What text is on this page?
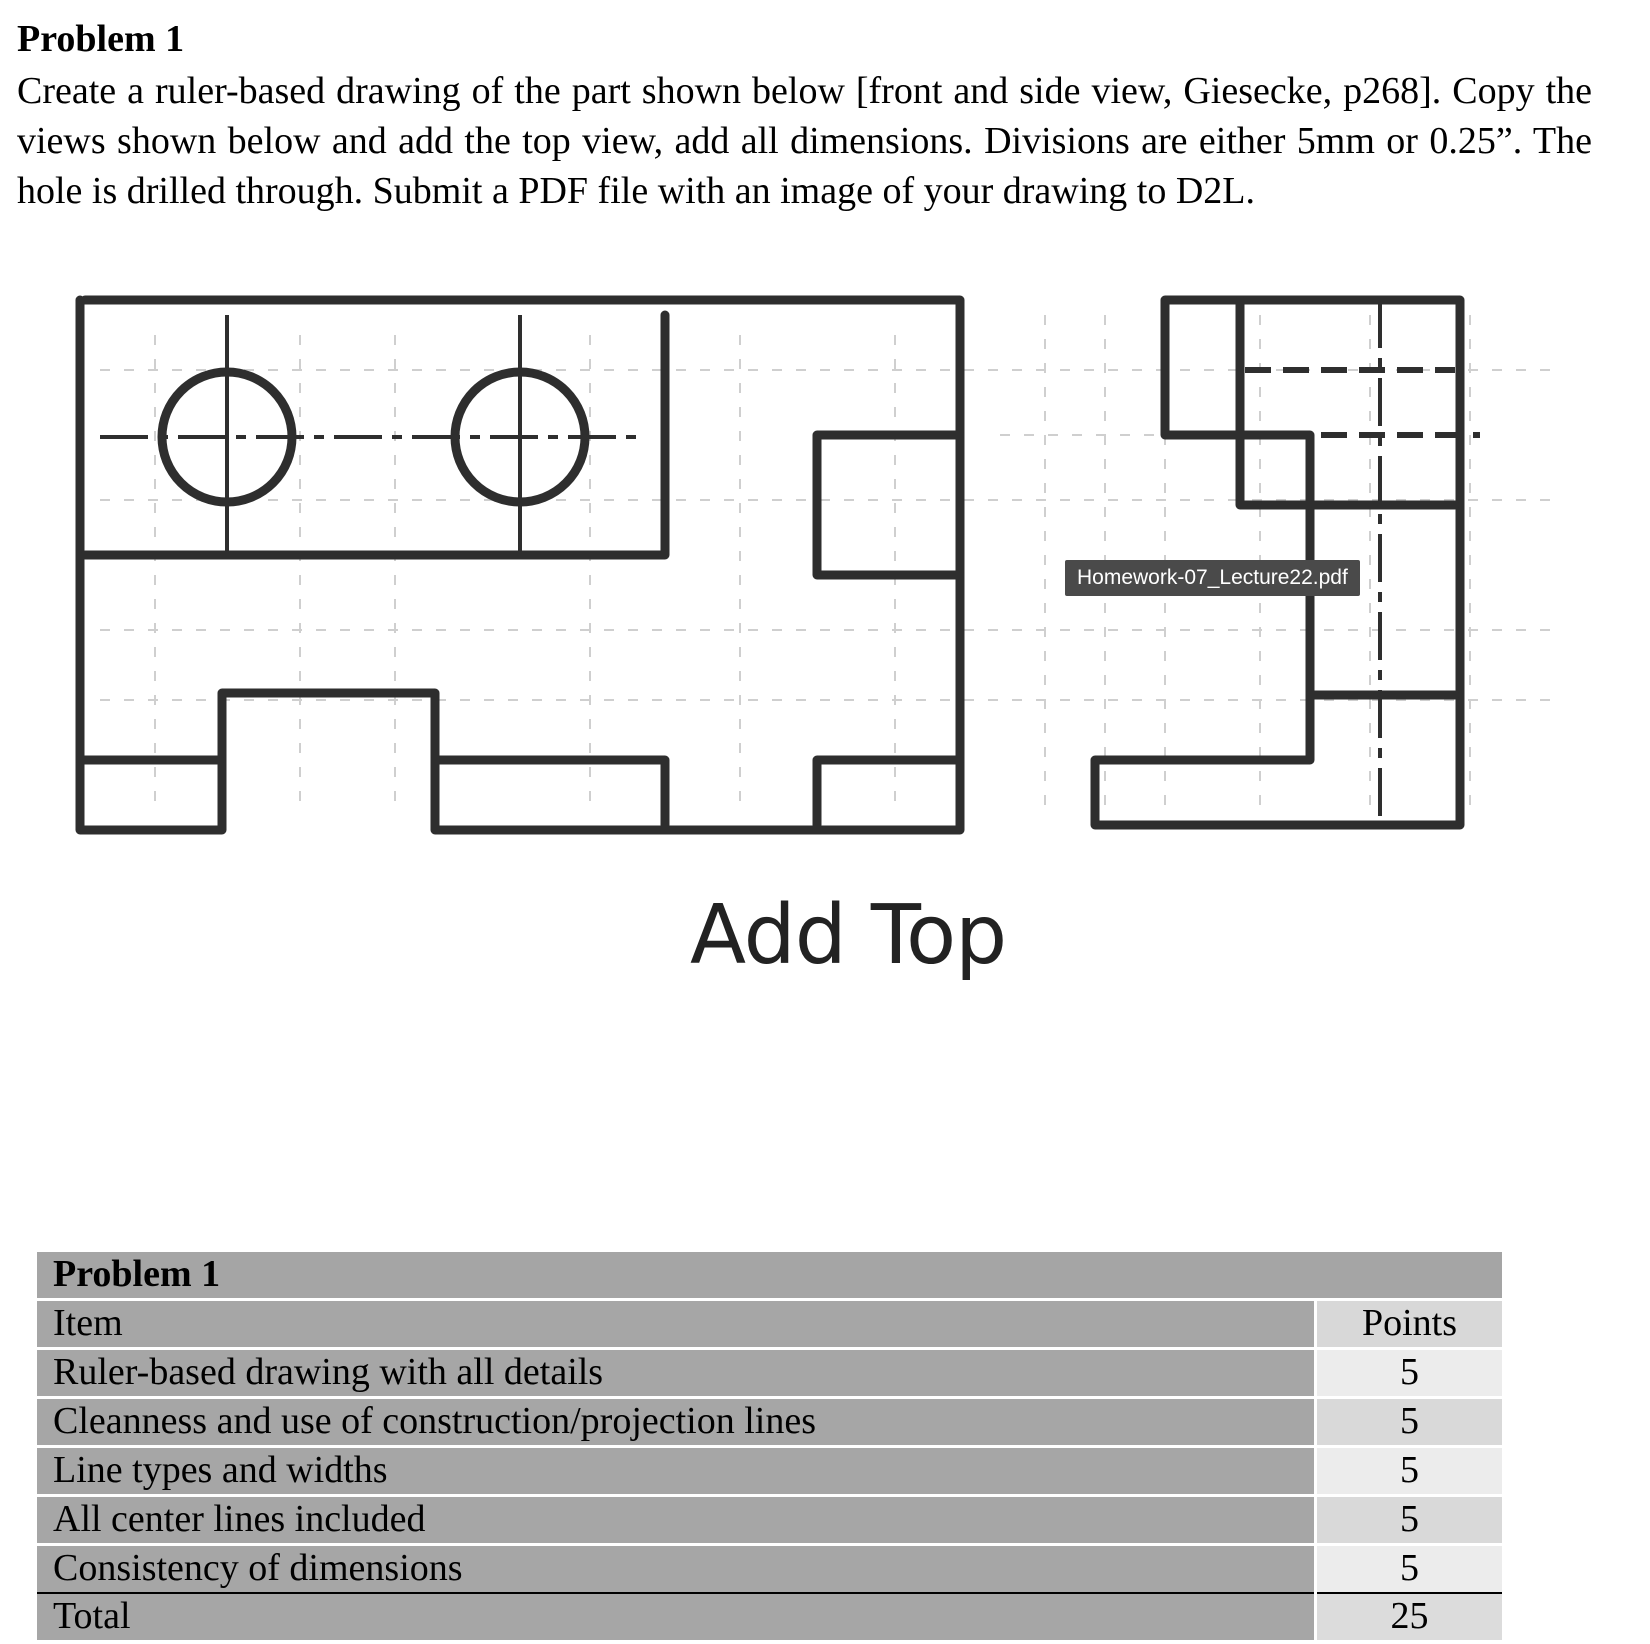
Problem 1
Create a ruler-based drawing of the part shown below [front and side view, Giesecke, p268]. Copy the views shown below and add the top view, add all dimensions. Divisions are either 5mm or 0.25”. The hole is drilled through. Submit a PDF file with an image of your drawing to D2L.
Homework-07_Lecture22.pdf
Add Top
Problem 1	
Item	Points
Ruler-based drawing with all details	5
Cleanness and use of construction/projection lines	5
Line types and widths	5
All center lines included	5
Consistency of dimensions	5
Total	25
